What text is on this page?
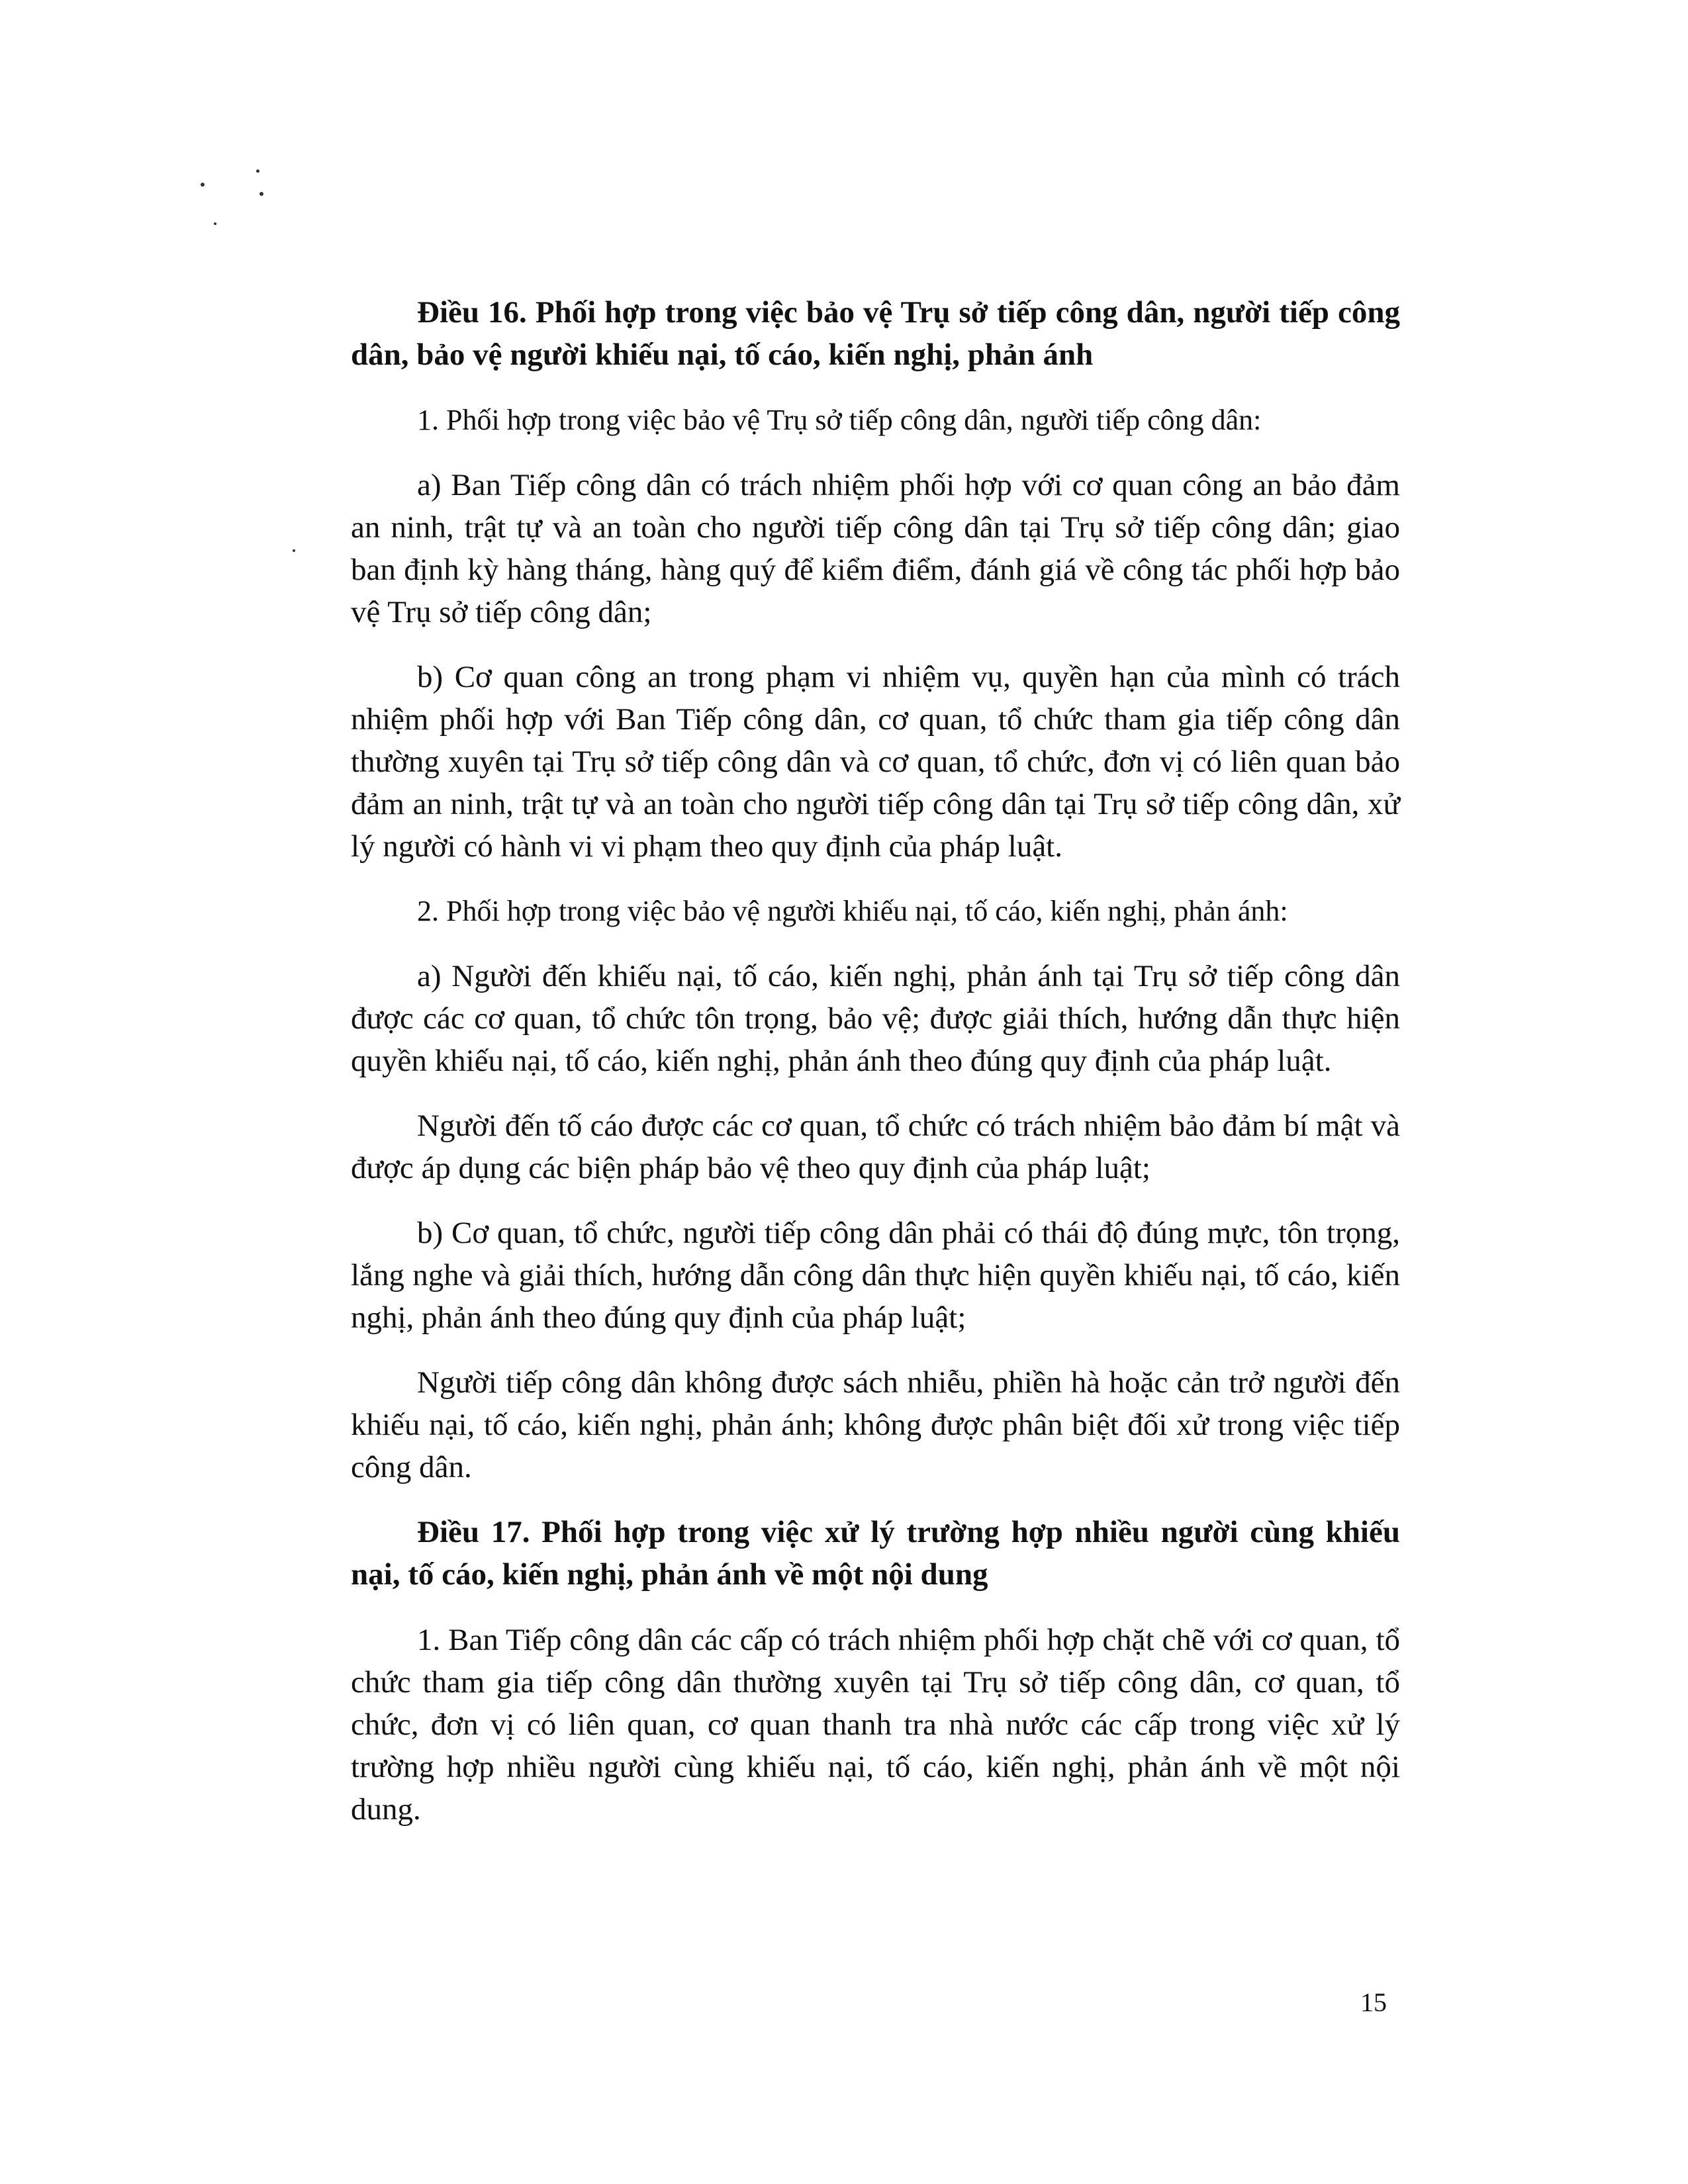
Điều 16. Phối hợp trong việc bảo vệ Trụ sở tiếp công dân, người tiếp công dân, bảo vệ người khiếu nại, tố cáo, kiến nghị, phản ánh

1. Phối hợp trong việc bảo vệ Trụ sở tiếp công dân, người tiếp công dân:

a) Ban Tiếp công dân có trách nhiệm phối hợp với cơ quan công an bảo đảm an ninh, trật tự và an toàn cho người tiếp công dân tại Trụ sở tiếp công dân; giao ban định kỳ hàng tháng, hàng quý để kiểm điểm, đánh giá về công tác phối hợp bảo vệ Trụ sở tiếp công dân;

b) Cơ quan công an trong phạm vi nhiệm vụ, quyền hạn của mình có trách nhiệm phối hợp với Ban Tiếp công dân, cơ quan, tổ chức tham gia tiếp công dân thường xuyên tại Trụ sở tiếp công dân và cơ quan, tổ chức, đơn vị có liên quan bảo đảm an ninh, trật tự và an toàn cho người tiếp công dân tại Trụ sở tiếp công dân, xử lý người có hành vi vi phạm theo quy định của pháp luật.

2. Phối hợp trong việc bảo vệ người khiếu nại, tố cáo, kiến nghị, phản ánh:

a) Người đến khiếu nại, tố cáo, kiến nghị, phản ánh tại Trụ sở tiếp công dân được các cơ quan, tổ chức tôn trọng, bảo vệ; được giải thích, hướng dẫn thực hiện quyền khiếu nại, tố cáo, kiến nghị, phản ánh theo đúng quy định của pháp luật.

Người đến tố cáo được các cơ quan, tổ chức có trách nhiệm bảo đảm bí mật và được áp dụng các biện pháp bảo vệ theo quy định của pháp luật;

b) Cơ quan, tổ chức, người tiếp công dân phải có thái độ đúng mực, tôn trọng, lắng nghe và giải thích, hướng dẫn công dân thực hiện quyền khiếu nại, tố cáo, kiến nghị, phản ánh theo đúng quy định của pháp luật;

Người tiếp công dân không được sách nhiễu, phiền hà hoặc cản trở người đến khiếu nại, tố cáo, kiến nghị, phản ánh; không được phân biệt đối xử trong việc tiếp công dân.

Điều 17. Phối hợp trong việc xử lý trường hợp nhiều người cùng khiếu nại, tố cáo, kiến nghị, phản ánh về một nội dung

1. Ban Tiếp công dân các cấp có trách nhiệm phối hợp chặt chẽ với cơ quan, tổ chức tham gia tiếp công dân thường xuyên tại Trụ sở tiếp công dân, cơ quan, tổ chức, đơn vị có liên quan, cơ quan thanh tra nhà nước các cấp trong việc xử lý trường hợp nhiều người cùng khiếu nại, tố cáo, kiến nghị, phản ánh về một nội dung.

15
